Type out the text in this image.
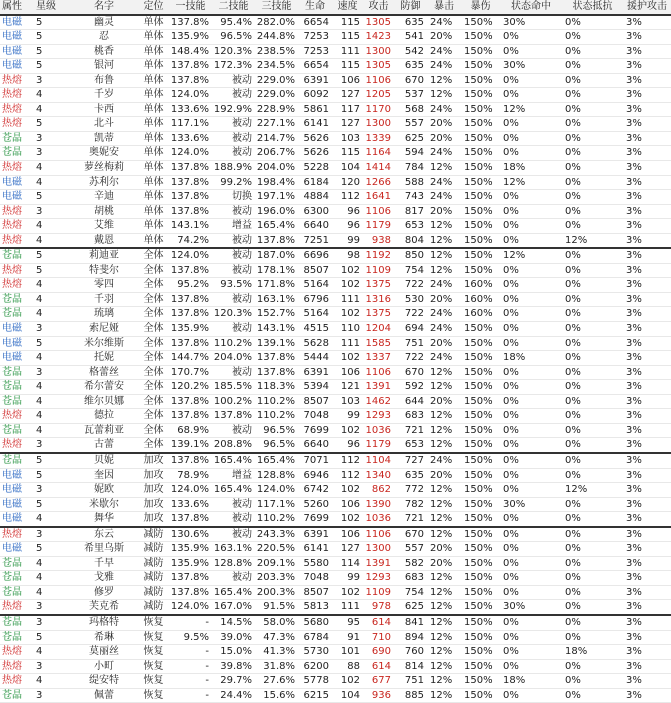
属性	星级	名字	定位	一技能	二技能	三技能	生命	速度	攻击	防御	暴击	暴伤	状态命中	状态抵抗	援护攻击
电磁	5	幽灵	单体	137.8%	95.4%	282.0%	6654	115	1305	635	24%	150%	30%	0%	3%
电磁	5	忍	单体	135.9%	96.5%	244.8%	7253	115	1423	541	20%	150%	0%	0%	3%
电磁	5	桃香	单体	148.4%	120.3%	238.5%	7253	111	1300	542	24%	150%	0%	0%	3%
电磁	5	银河	单体	137.8%	172.3%	234.5%	6654	115	1305	635	24%	150%	30%	0%	3%
热熔	3	布鲁	单体	137.8%	被动	229.0%	6391	106	1106	670	12%	150%	0%	0%	3%
热熔	4	千岁	单体	124.0%	被动	229.0%	6092	127	1205	537	12%	150%	0%	0%	3%
热熔	4	卡西	单体	133.6%	192.9%	228.9%	5861	117	1170	568	24%	150%	12%	0%	3%
热熔	5	北斗	单体	117.1%	被动	227.1%	6141	127	1300	557	20%	150%	0%	0%	3%
苍晶	3	凯蒂	单体	133.6%	被动	214.7%	5626	103	1339	625	20%	150%	0%	0%	3%
苍晶	3	奥妮安	单体	124.0%	被动	206.7%	5626	115	1164	594	24%	150%	0%	0%	3%
热熔	4	萝丝梅莉	单体	137.8%	188.9%	204.0%	5228	104	1414	784	12%	150%	18%	0%	3%
电磁	4	苏利尔	单体	137.8%	99.2%	198.4%	6184	120	1266	588	24%	150%	12%	0%	3%
电磁	5	辛迪	单体	137.8%	切换	197.1%	4884	112	1641	743	24%	150%	0%	0%	3%
热熔	3	胡桃	单体	137.8%	被动	196.0%	6300	96	1106	817	20%	150%	0%	0%	3%
热熔	4	艾维	单体	143.1%	增益	165.4%	6640	96	1179	653	12%	150%	0%	0%	3%
热熔	4	戴恩	单体	74.2%	被动	137.8%	7251	99	938	804	12%	150%	0%	12%	3%
苍晶	5	莉迪亚	全体	124.0%	被动	187.0%	6696	98	1192	850	12%	150%	12%	0%	3%
热熔	5	特斐尔	全体	137.8%	被动	178.1%	8507	102	1109	754	12%	150%	0%	0%	3%
热熔	4	零四	全体	95.2%	93.5%	171.8%	5164	102	1375	722	24%	160%	0%	0%	3%
苍晶	4	千羽	全体	137.8%	被动	163.1%	6796	111	1316	530	20%	160%	0%	0%	3%
苍晶	4	琉璃	全体	137.8%	120.3%	152.7%	5164	102	1375	722	24%	160%	0%	0%	3%
电磁	3	索尼娅	全体	135.9%	被动	143.1%	4515	110	1204	694	24%	150%	0%	0%	3%
电磁	5	米尔维斯	全体	137.8%	110.2%	139.1%	5628	111	1585	751	20%	150%	0%	0%	3%
电磁	4	托妮	全体	144.7%	204.0%	137.8%	5444	102	1337	722	24%	150%	18%	0%	3%
苍晶	3	格蕾丝	全体	170.7%	被动	137.8%	6391	106	1106	670	12%	150%	0%	0%	3%
苍晶	4	希尔蕾安	全体	120.2%	185.5%	118.3%	5394	121	1391	592	12%	150%	0%	0%	3%
苍晶	4	维尔贝娜	全体	137.8%	100.2%	110.2%	8507	103	1462	644	20%	150%	0%	0%	3%
热熔	4	德拉	全体	137.8%	137.8%	110.2%	7048	99	1293	683	12%	150%	0%	0%	3%
苍晶	4	瓦蕾莉亚	全体	68.9%	被动	96.5%	7699	102	1036	721	12%	150%	0%	0%	3%
热熔	3	古蕾	全体	139.1%	208.8%	96.5%	6640	96	1179	653	12%	150%	0%	0%	3%
苍晶	5	贝妮	加攻	137.8%	165.4%	165.4%	7071	112	1104	727	24%	150%	0%	0%	3%
电磁	5	奎因	加攻	78.9%	增益	128.8%	6946	112	1340	635	20%	150%	0%	0%	3%
电磁	3	妮欧	加攻	124.0%	165.4%	124.0%	6742	102	862	772	12%	150%	0%	12%	3%
电磁	5	米歇尔	加攻	133.6%	被动	117.1%	5260	106	1390	782	12%	150%	30%	0%	3%
电磁	4	舞华	加攻	137.8%	被动	110.2%	7699	102	1036	721	12%	150%	0%	0%	3%
热熔	3	东云	减防	130.6%	被动	243.3%	6391	106	1106	670	12%	150%	0%	0%	3%
电磁	5	希里乌斯	减防	135.9%	163.1%	220.5%	6141	127	1300	557	20%	150%	0%	0%	3%
苍晶	4	千早	减防	135.9%	128.8%	209.1%	5580	114	1391	582	20%	150%	0%	0%	3%
苍晶	4	戈雅	减防	137.8%	被动	203.3%	7048	99	1293	683	12%	150%	0%	0%	3%
苍晶	4	修罗	减防	137.8%	165.4%	200.3%	8507	102	1109	754	12%	150%	0%	0%	3%
热熔	3	芙克希	减防	124.0%	167.0%	91.5%	5813	111	978	625	12%	150%	30%	0%	3%
苍晶	3	玛格特	恢复	-	14.5%	58.0%	5680	95	614	841	12%	150%	0%	0%	3%
苍晶	5	希琳	恢复	9.5%	39.0%	47.3%	6784	91	710	894	12%	150%	0%	0%	3%
热熔	4	莫丽丝	恢复	-	15.0%	41.3%	5730	101	690	760	12%	150%	0%	18%	3%
热熔	3	小町	恢复	-	39.8%	31.8%	6200	88	614	814	12%	150%	0%	0%	3%
热熔	4	缇安特	恢复	-	29.7%	27.6%	5778	102	677	751	12%	150%	18%	0%	3%
苍晶	3	佩蕾	恢复	-	24.4%	15.6%	6215	104	936	885	12%	150%	0%	0%	3%
